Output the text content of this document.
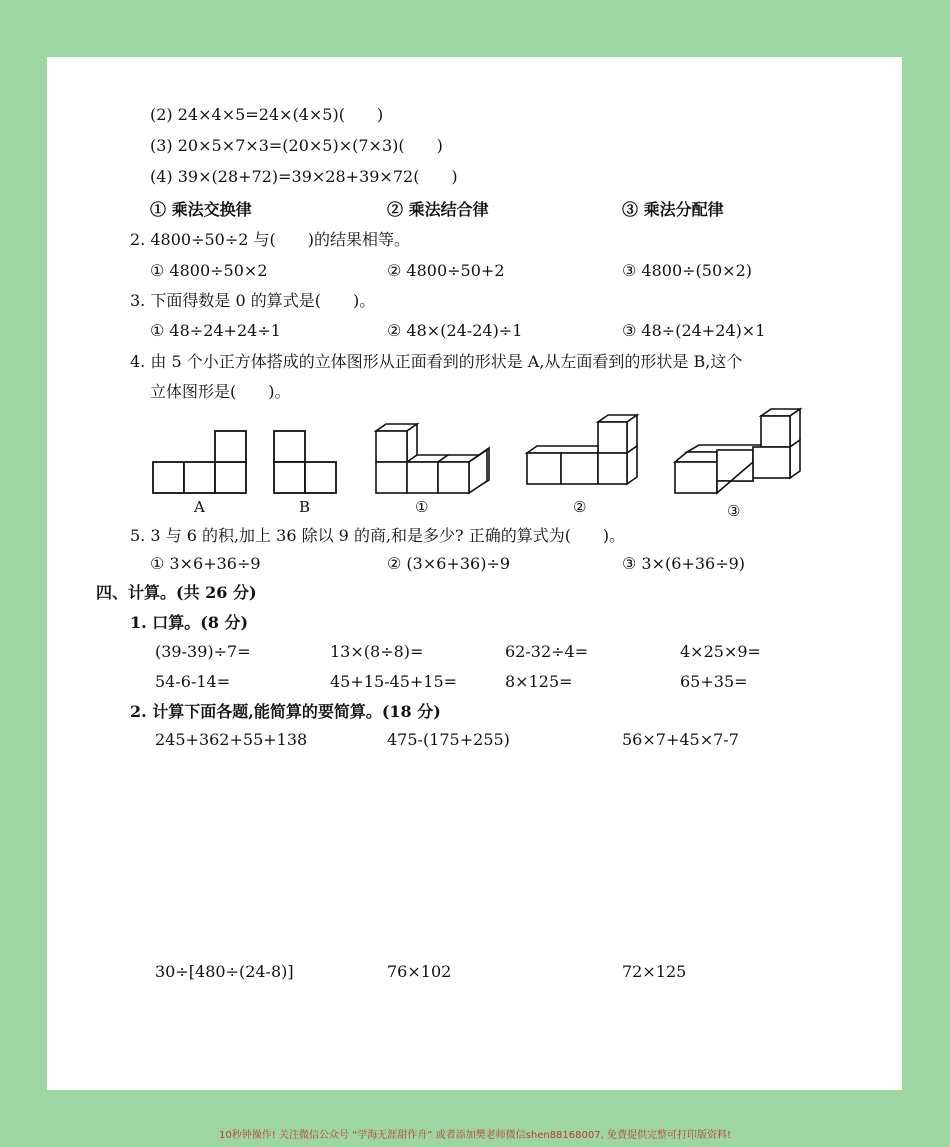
(2) 24×4×5=24×(4×5)(　　)
(3) 20×5×7×3=(20×5)×(7×3)(　　)
(4) 39×(28+72)=39×28+39×72(　　)
① 乘法交换律	② 乘法结合律	③ 乘法分配律
2. 4800÷50÷2 与(　　)的结果相等。
① 4800÷50×2	② 4800÷50+2	③ 4800÷(50×2)
3. 下面得数是 0 的算式是(　　)。
① 48÷24+24÷1	② 48×(24-24)÷1	③ 48÷(24+24)×1
4. 由 5 个小正方体搭成的立体图形从正面看到的形状是 A,从左面看到的形状是 B,这个
立体图形是(　　)。
A	B	①	②	③
5. 3 与 6 的积,加上 36 除以 9 的商,和是多少? 正确的算式为(　　)。
① 3×6+36÷9	② (3×6+36)÷9	③ 3×(6+36÷9)
四、计算。(共 26 分)
1. 口算。(8 分)
(39-39)÷7=	13×(8÷8)=	62-32÷4=	4×25×9=
54-6-14=	45+15-45+15=	8×125=	65+35=
2. 计算下面各题,能简算的要简算。(18 分)
245+362+55+138	475-(175+255)	56×7+45×7-7
30÷[480÷(24-8)]	76×102	72×125
10秒钟操作! 关注微信公众号 “学海无涯甜作舟” 或者添加樊老师微信shen88168007, 免费提供完整可打印版资料!
